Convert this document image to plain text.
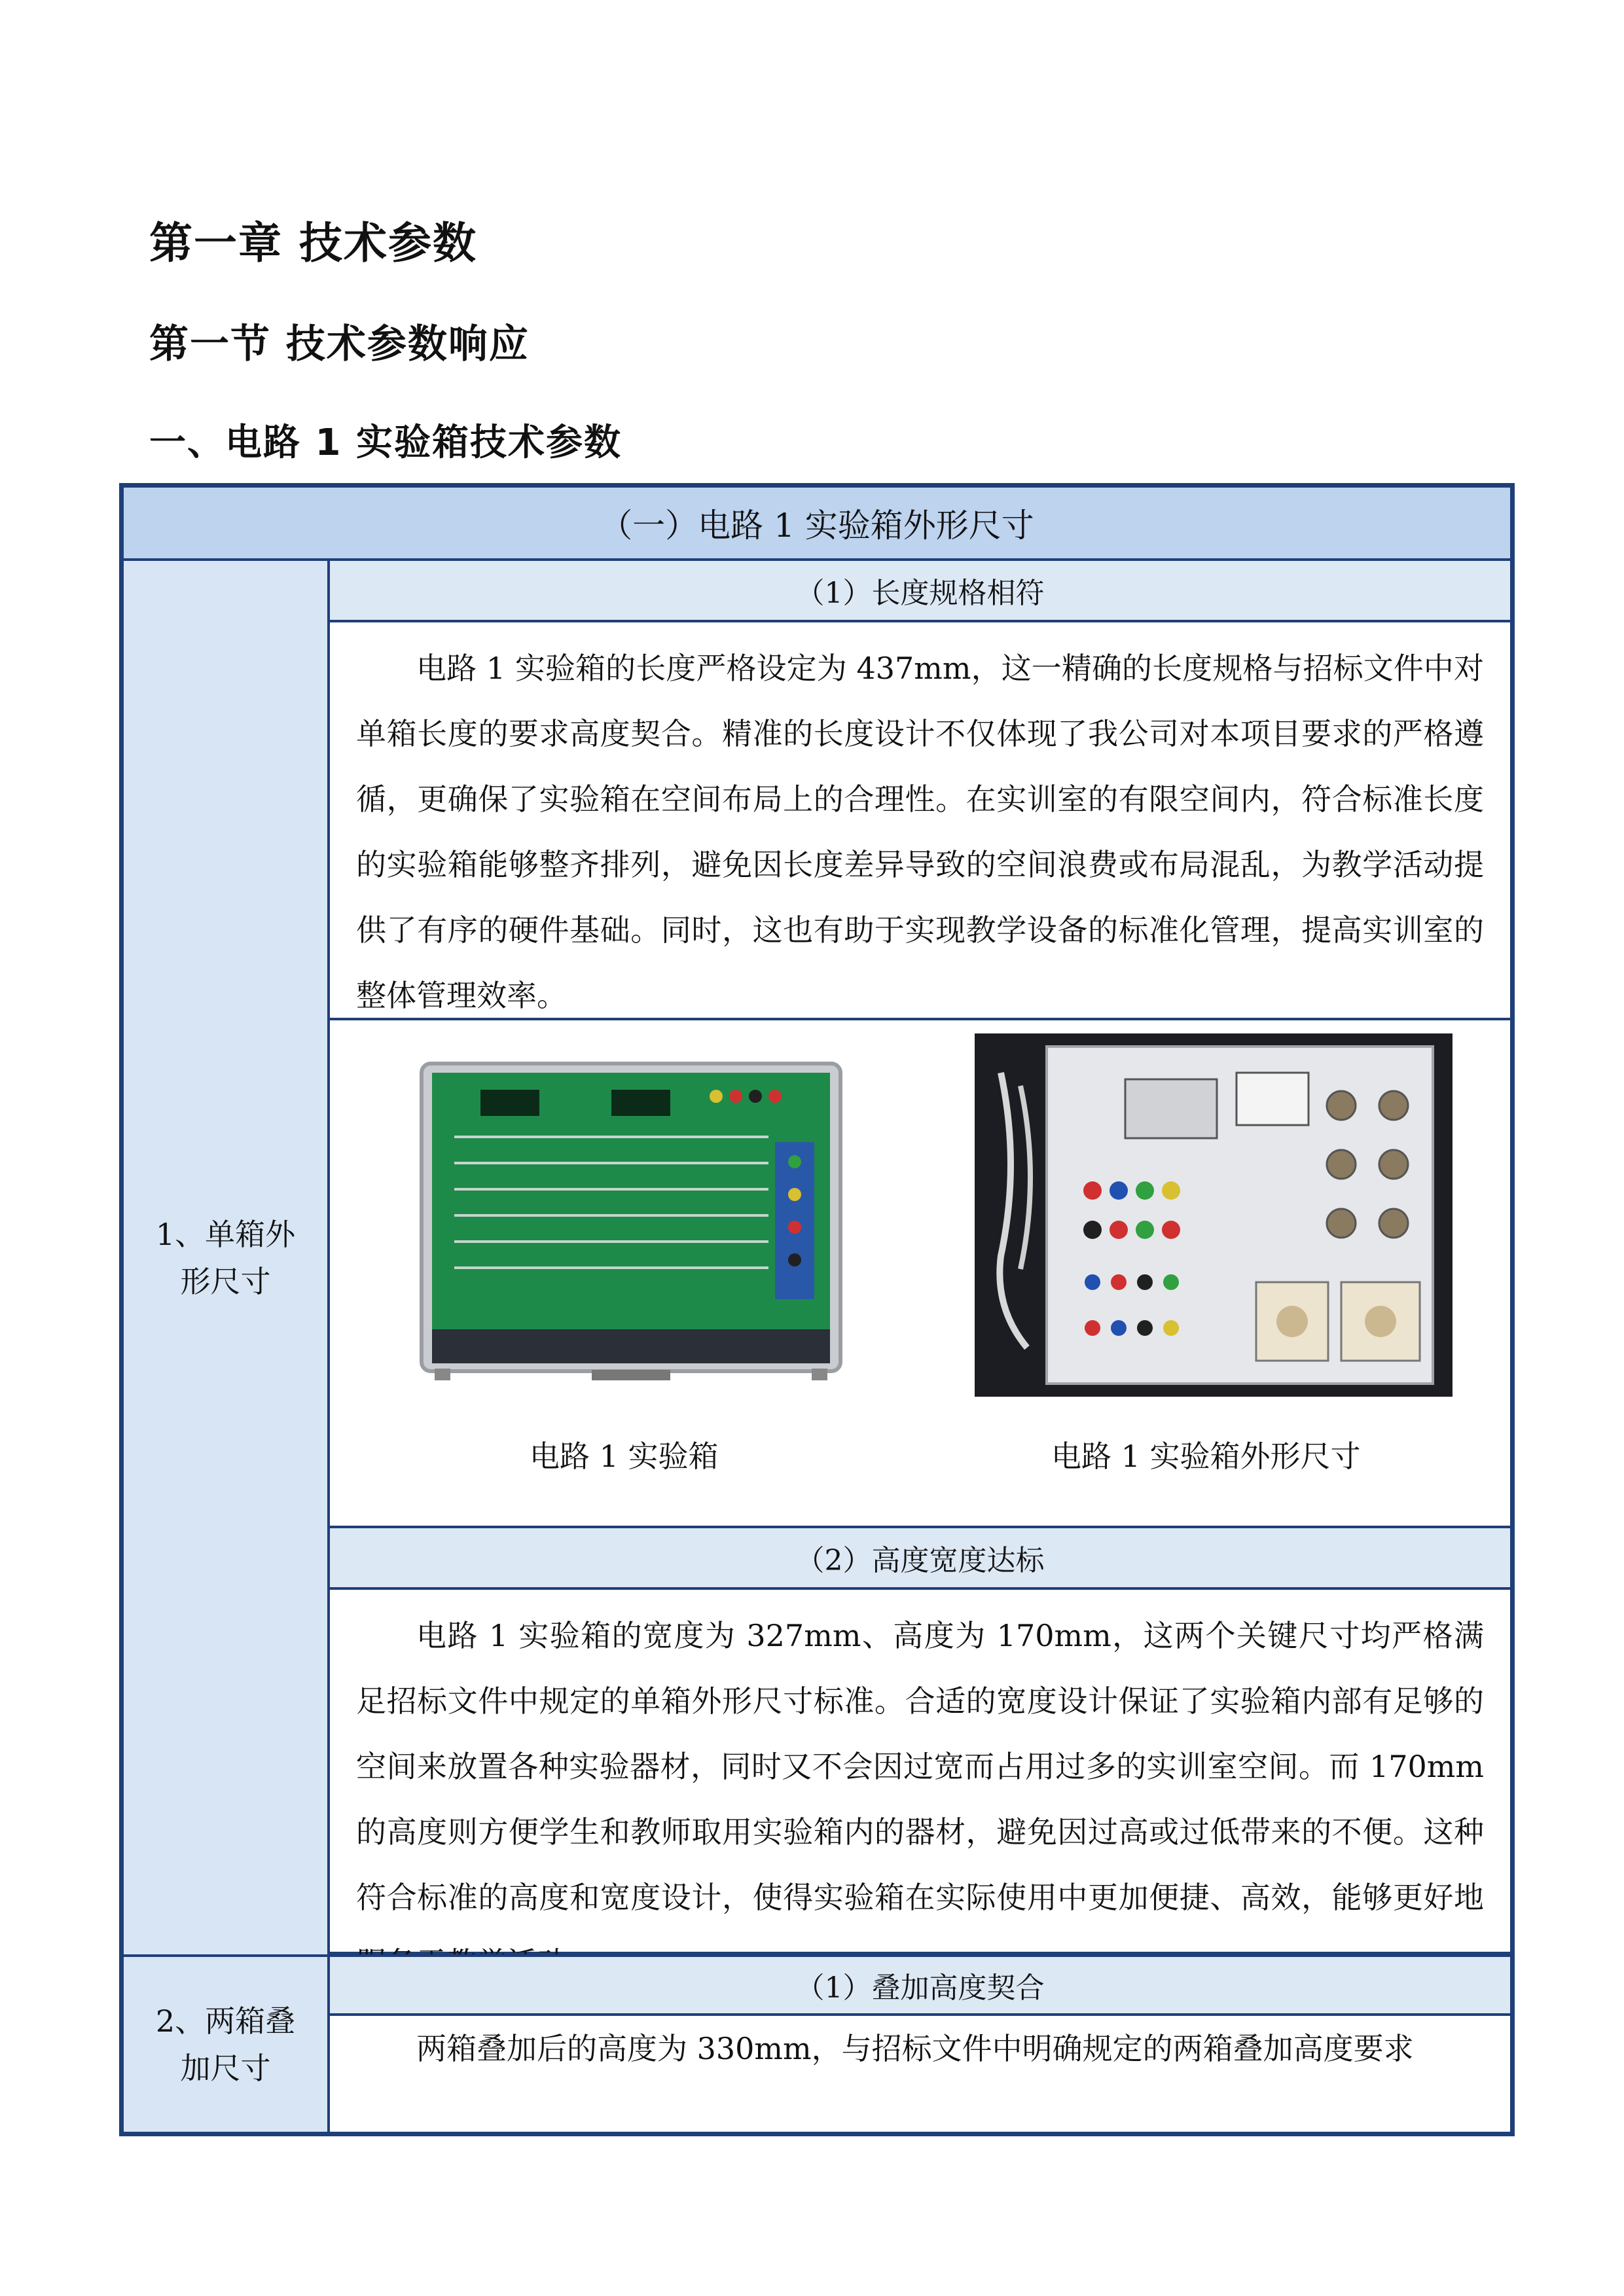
第一章 技术参数
第一节 技术参数响应
一、电路 1 实验箱技术参数
（一）电路 1 实验箱外形尺寸
1、单箱外
形尺寸
（1）长度规格相符
电路 1 实验箱的长度严格设定为 437mm，这一精确的长度规格与招标文件中对单箱长度的要求高度契合。精准的长度设计不仅体现了我公司对本项目要求的严格遵循，更确保了实验箱在空间布局上的合理性。在实训室的有限空间内，符合标准长度的实验箱能够整齐排列，避免因长度差异导致的空间浪费或布局混乱，为教学活动提供了有序的硬件基础。同时，这也有助于实现教学设备的标准化管理，提高实训室的整体管理效率。
电路 1 实验箱	电路 1 实验箱外形尺寸
（2）高度宽度达标
电路 1 实验箱的宽度为 327mm、高度为 170mm，这两个关键尺寸均严格满足招标文件中规定的单箱外形尺寸标准。合适的宽度设计保证了实验箱内部有足够的空间来放置各种实验器材，同时又不会因过宽而占用过多的实训室空间。而 170mm 的高度则方便学生和教师取用实验箱内的器材，避免因过高或过低带来的不便。这种符合标准的高度和宽度设计，使得实验箱在实际使用中更加便捷、高效，能够更好地
2、两箱叠
加尺寸
（1）叠加高度契合
两箱叠加后的高度为 330mm，与招标文件中明确规定的两箱叠加高度要求
